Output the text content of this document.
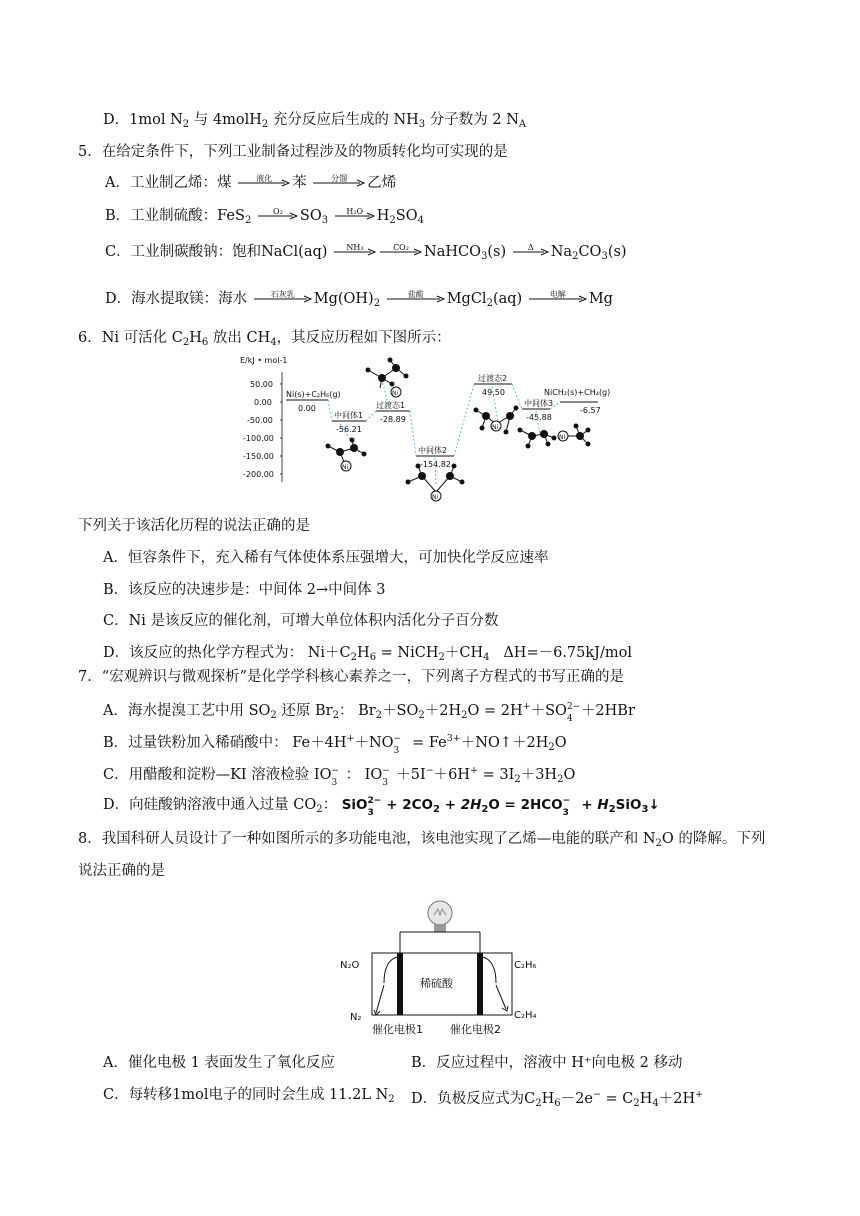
D．1mol $N_2$ 与 4molH$_2$ 充分反应后生成的 $NH_3$ 分子数为 2 $N_A$
5．在给定条件下，下列工业制备过程涉及的物质转化均可实现的是
A．工业制乙烯：煤	液化	苯	分馏	乙烯
B．工业制硫酸：FeS$_2$
O₂	$SO_3$
H₂O $H_2SO_4$
C．工业制碳酸钠：饱和NaCl(aq)	NH₃	CO₂	NaHCO$_3$(s)	Δ	$Na_2CO_3(s)$
D．海水提取镁：海水	石灰乳	$Mg(OH)_2$
盐酸	MgCl$_2$(aq)	电解	Mg
6．Ni 可活化 $C_2H_6$ 放出 $CH_4$，其反应历程如下图所示：
E/kJ • mol-1
50.00
0.00
-50.00
-100.00
-150.00
-200.00
Ni(s)+C₂H₆(g)
0.00
中间体1
-56.21
过渡态1
-28.89
中间体2
-154.82
过渡态2
49.50
中间体3
-45.88
NiCH₂(s)+CH₄(g)
-6.57
Ni
Ni
Ni
Ni
Ni
下列关于该活化历程的说法正确的是
A．恒容条件下，充入稀有气体使体系压强增大，可加快化学反应速率
B．该反应的决速步是：中间体 2→中间体 3
C．Ni 是该反应的催化剂，可增大单位体积内活化分子百分数
D．该反应的热化学方程式为： $Ni+C_2H_6$ = $NiCH_2+CH_4$   ΔH=－6.75kJ/mol
7．“宏观辨识与微观探析”是化学学科核心素养之一，下列离子方程式的书写正确的是
A．海水提溴工艺中用 $SO_2$ 还原 $Br_2$： $Br_2+SO_2+2H_2O = 2H^++SO$ 2−
4 ＋2HBr
B．过量铁粉加入稀硝酸中： Fe＋4H+＋NO −
$3 = Fe^{3+}+NO↑+2H_2O$
C．用醋酸和淀粉—KI 溶液检验 IO −
3 ： IO −
$3 +5I^-+6H^+ = 3I_2+3H_2O$
D．向硅酸钠溶液中通入过量 $CO_2$： SiO 2−
$3 + 2CO_2 + 2H_2O = 2HCO$ −
$3 + H_2SiO_3↓$
8．我国科研人员设计了一种如图所示的多功能电池，该电池实现了乙烯—电能的联产和 $N_2O$ 的降解。下列
说法正确的是
N₂O
N₂
C₂H₆
C₂H₄
稀硫酸
催化电极1 催化电极2
A．催化电极 1 表面发生了氧化反应	B．反应过程中，溶液中 H⁺向电极 2 移动
C．每转移1mol电子的同时会生成 11.2L $N_2$ D．负极反应式为$C_2H_6-2e^- = C_2H_4+2H^+$
